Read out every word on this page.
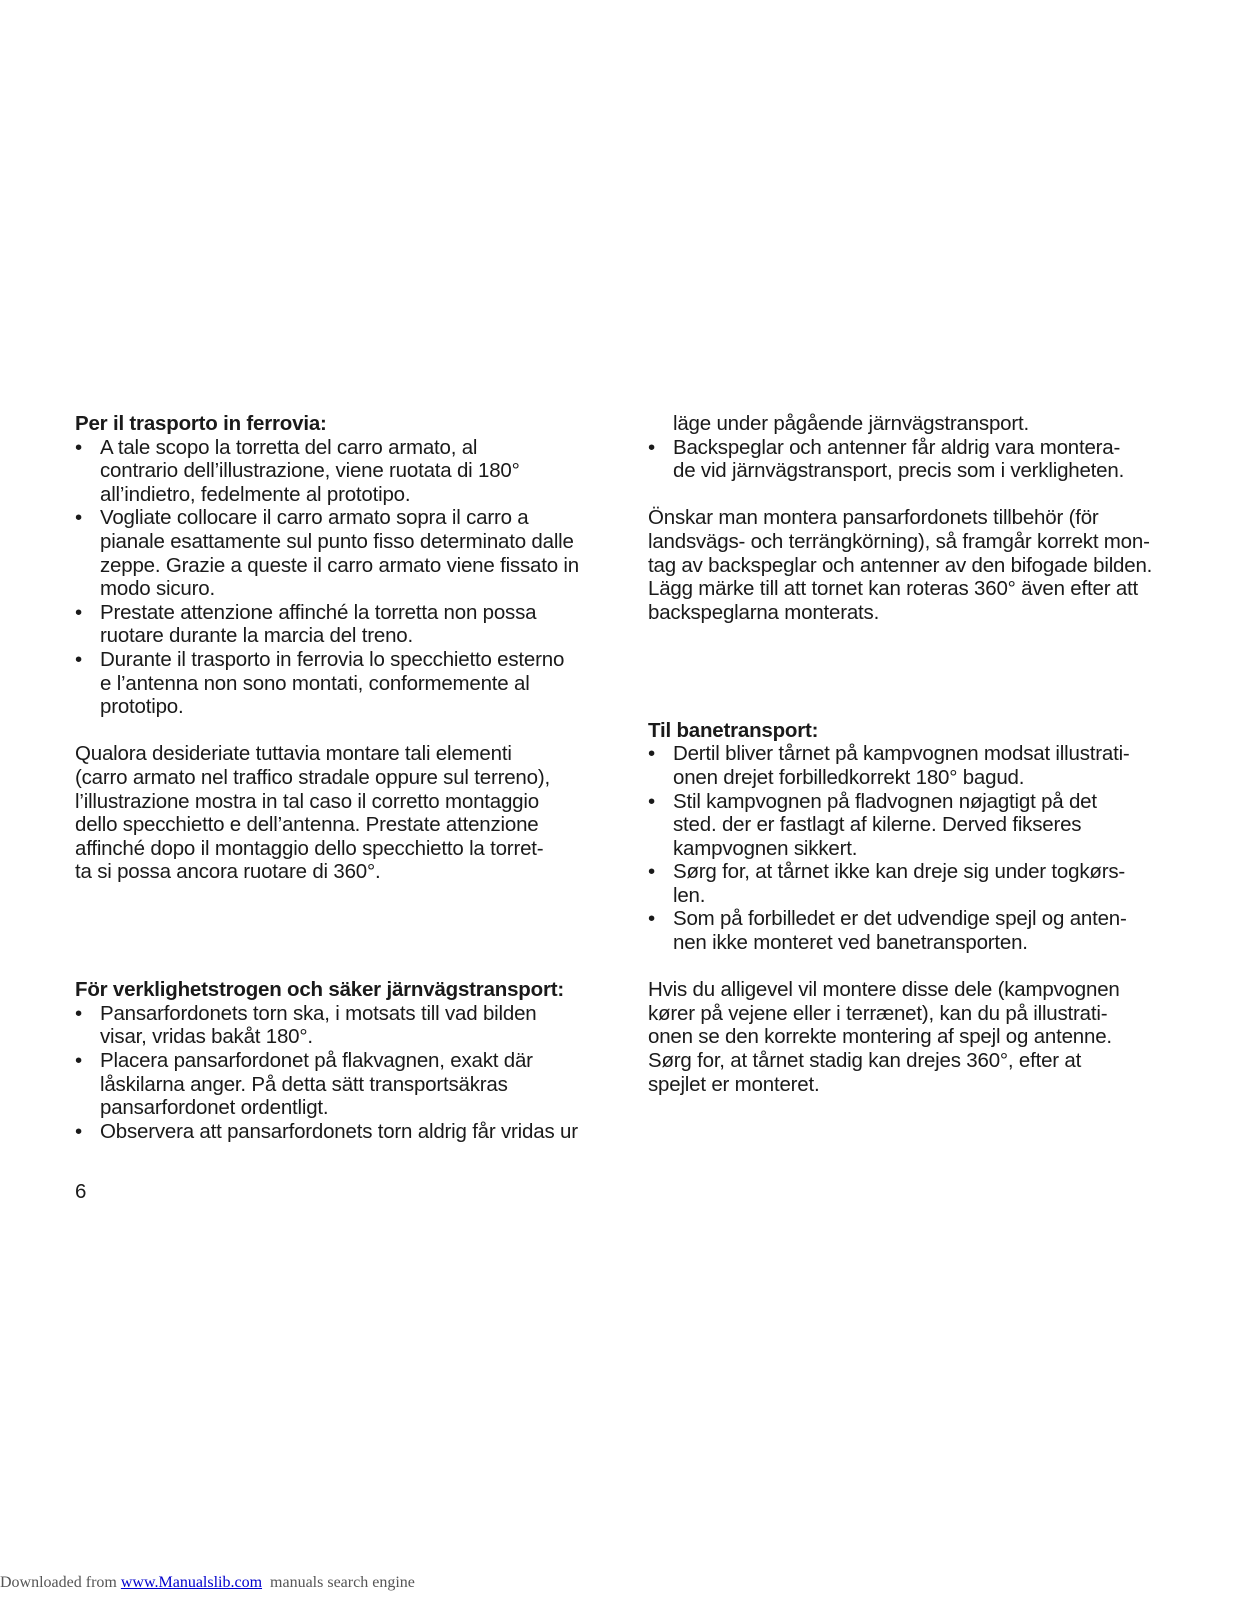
Per il trasporto in ferrovia:
• A tale scopo la torretta del carro armato, al
contrario dell’illustrazione, viene ruotata di 180°
all’indietro, fedelmente al prototipo.
• Vogliate collocare il carro armato sopra il carro a
pianale esattamente sul punto fisso determinato dalle
zeppe. Grazie a queste il carro armato viene fissato in
modo sicuro.
• Prestate attenzione affinché la torretta non possa
ruotare durante la marcia del treno.
• Durante il trasporto in ferrovia lo specchietto esterno
e l’antenna non sono montati, conformemente al
prototipo.
Qualora desideriate tuttavia montare tali elementi
(carro armato nel traffico stradale oppure sul terreno),
l’illustrazione mostra in tal caso il corretto montaggio
dello specchietto e dell’antenna. Prestate attenzione
affinché dopo il montaggio dello specchietto la torret-
ta si possa ancora ruotare di 360°.
För verklighetstrogen och säker järnvägstransport:
• Pansarfordonets torn ska, i motsats till vad bilden
visar, vridas bakåt 180°.
• Placera pansarfordonet på flakvagnen, exakt där
låskilarna anger. På detta sätt transportsäkras
pansarfordonet ordentligt.
• Observera att pansarfordonets torn aldrig får vridas ur
läge under pågående järnvägstransport.
• Backspeglar och antenner får aldrig vara montera-
de vid järnvägstransport, precis som i verkligheten.
Önskar man montera pansarfordonets tillbehör (för
landsvägs- och terrängkörning), så framgår korrekt mon-
tag av backspeglar och antenner av den bifogade bilden.
Lägg märke till att tornet kan roteras 360° även efter att
backspeglarna monterats.
Til banetransport:
• Dertil bliver tårnet på kampvognen modsat illustrati-
onen drejet forbilledkorrekt 180° bagud.
• Stil kampvognen på fladvognen nøjagtigt på det
sted. der er fastlagt af kilerne. Derved fikseres
kampvognen sikkert.
• Sørg for, at tårnet ikke kan dreje sig under togkørs-
len.
• Som på forbilledet er det udvendige spejl og anten-
nen ikke monteret ved banetransporten.
Hvis du alligevel vil montere disse dele (kampvognen
kører på vejene eller i terrænet), kan du på illustrati-
onen se den korrekte montering af spejl og antenne.
Sørg for, at tårnet stadig kan drejes 360°, efter at
spejlet er monteret.
6
Downloaded from www.Manualslib.com  manuals search engine
